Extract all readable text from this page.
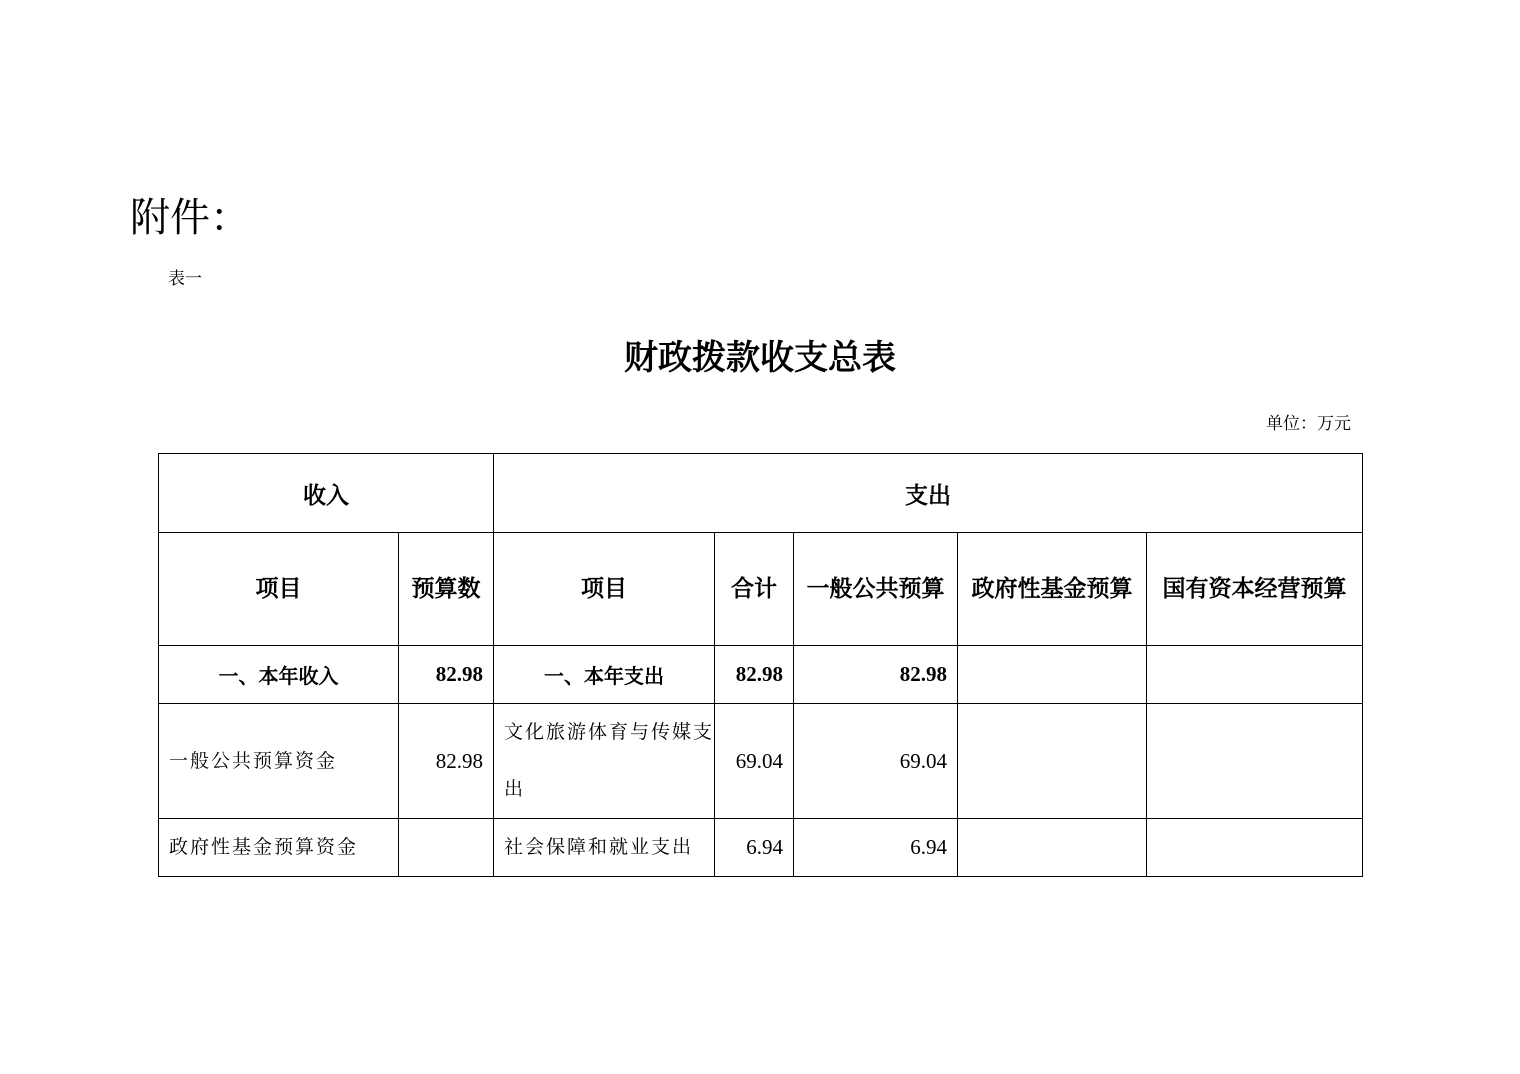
附件：
表一
财政拨款收支总表
单位：万元
收入		支出				
项目	预算数	项目	合计	一般公共预算	政府性基金预算	国有资本经营预算
一、本年收入	82.98	一、本年支出	82.98	82.98		
一般公共预算资金	82.98	文化旅游体育与传媒支出	69.04	69.04		
政府性基金预算资金		社会保障和就业支出	6.94	6.94		
